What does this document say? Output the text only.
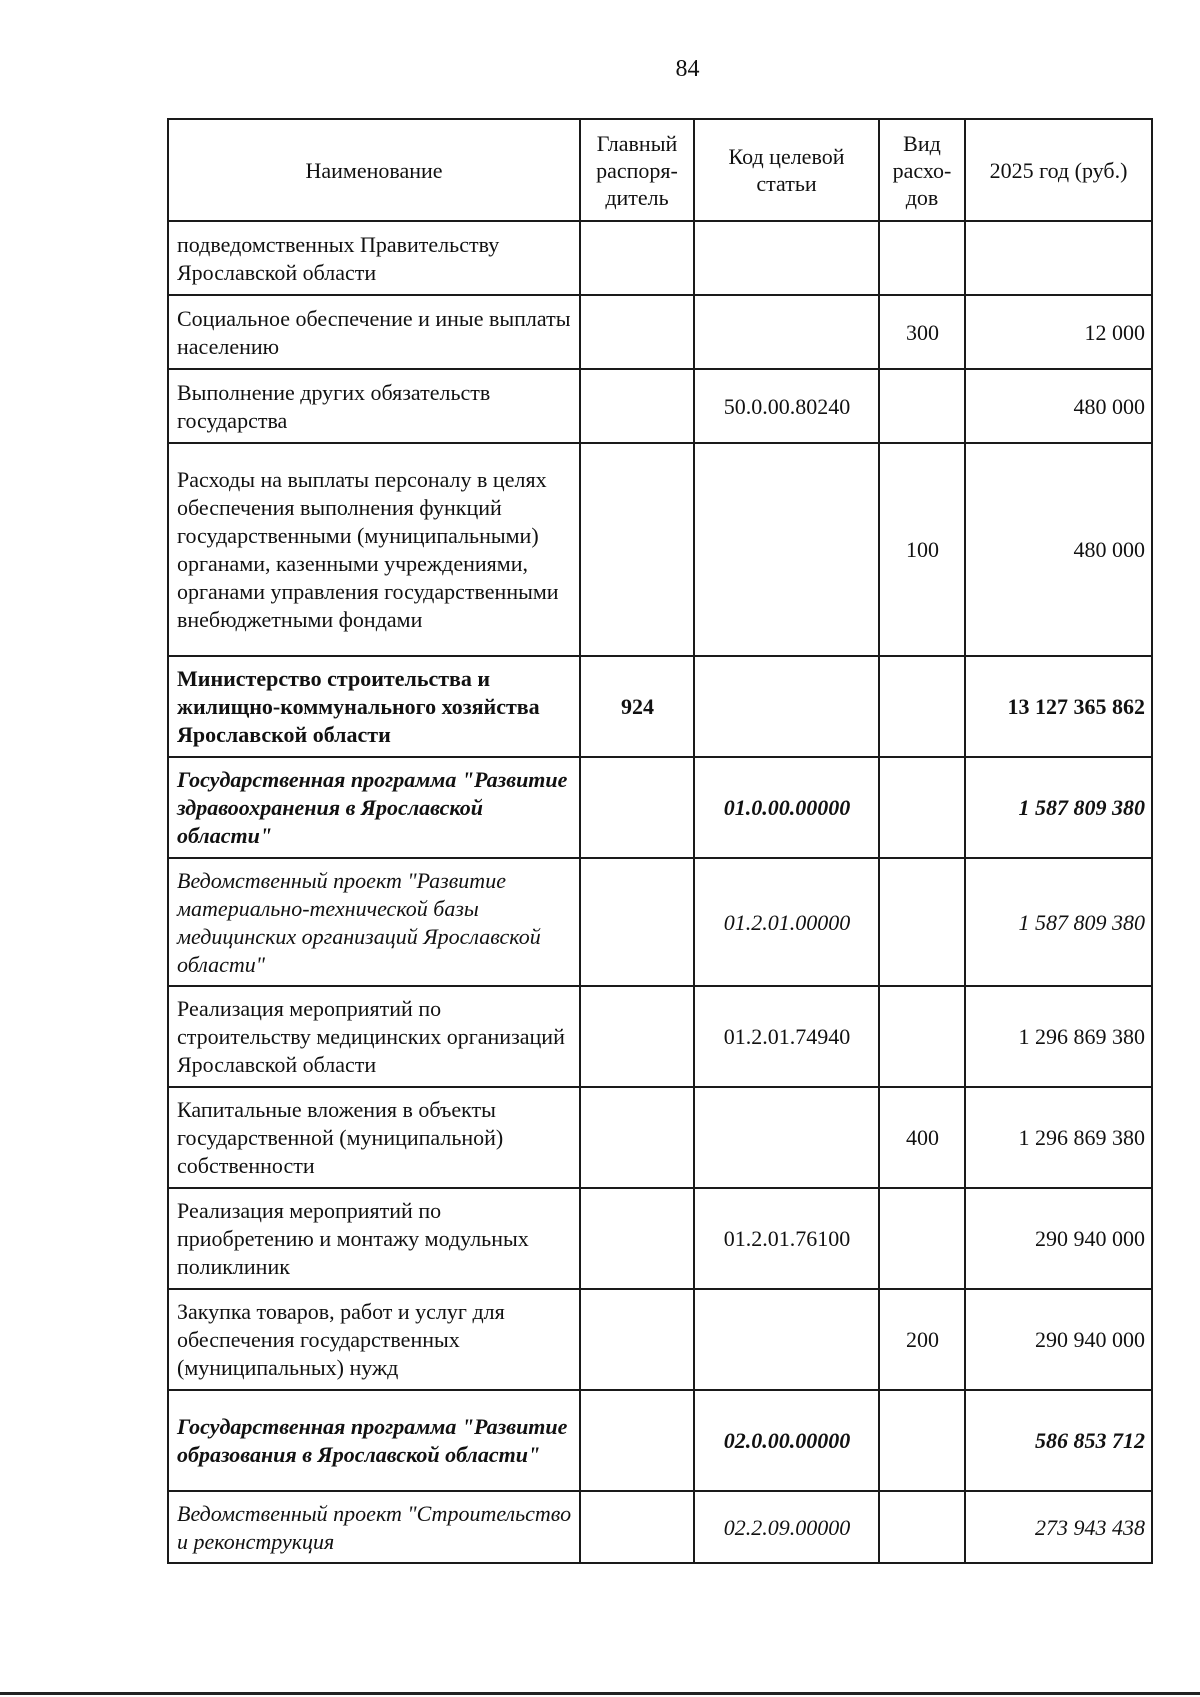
84
Наименование	Главный распоря-дитель	Код целевой статьи	Вид расхо-дов	2025 год (руб.)
подведомственных Правительству Ярославской области				
Социальное обеспечение и иные выплаты населению			300	12 000
Выполнение других обязательств государства		50.0.00.80240		480 000
Расходы на выплаты персоналу в целях обеспечения выполнения функций государственными (муниципальными) органами, казенными учреждениями, органами управления государственными внебюджетными фондами			100	480 000
Министерство строительства и жилищно-коммунального хозяйства Ярославской области	924			13 127 365 862
Государственная программа "Развитие здравоохранения в Ярославской области"		01.0.00.00000		1 587 809 380
Ведомственный проект "Развитие материально-технической базы медицинских организаций Ярославской области"		01.2.01.00000		1 587 809 380
Реализация мероприятий по строительству медицинских организаций Ярославской области		01.2.01.74940		1 296 869 380
Капитальные вложения в объекты государственной (муниципальной) собственности			400	1 296 869 380
Реализация мероприятий по приобретению и монтажу модульных поликлиник		01.2.01.76100		290 940 000
Закупка товаров, работ и услуг для обеспечения государственных (муниципальных) нужд			200	290 940 000
Государственная программа "Развитие образования в Ярославской области"		02.0.00.00000		586 853 712
Ведомственный проект "Строительство и реконструкция		02.2.09.00000		273 943 438
